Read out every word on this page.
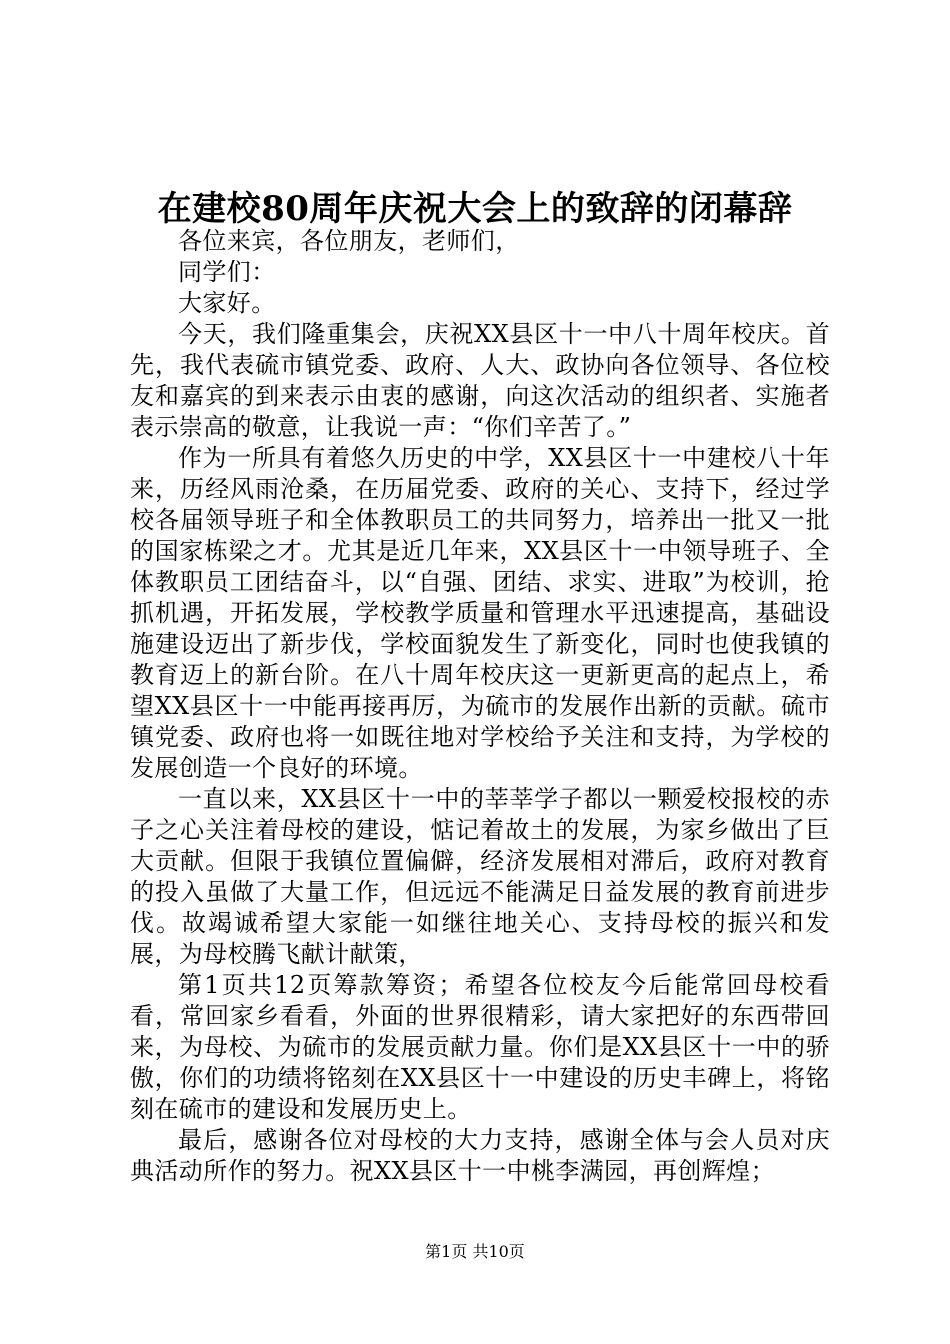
在建校80周年庆祝大会上的致辞的闭幕辞

各位来宾，各位朋友，老师们，

同学们：

大家好。

今天，我们隆重集会，庆祝XX县区十一中八十周年校庆。首先，我代表硫市镇党委、政府、人大、政协向各位领导、各位校友和嘉宾的到来表示由衷的感谢，向这次活动的组织者、实施者表示崇高的敬意，让我说一声：“你们辛苦了。”

作为一所具有着悠久历史的中学，XX县区十一中建校八十年来，历经风雨沧桑，在历届党委、政府的关心、支持下，经过学校各届领导班子和全体教职员工的共同努力，培养出一批又一批的国家栋梁之才。尤其是近几年来，XX县区十一中领导班子、全体教职员工团结奋斗，以“自强、团结、求实、进取”为校训，抢抓机遇，开拓发展，学校教学质量和管理水平迅速提高，基础设施建设迈出了新步伐，学校面貌发生了新变化，同时也使我镇的教育迈上的新台阶。在八十周年校庆这一更新更高的起点上，希望XX县区十一中能再接再厉，为硫市的发展作出新的贡献。硫市镇党委、政府也将一如既往地对学校给予关注和支持，为学校的发展创造一个良好的环境。

一直以来，XX县区十一中的莘莘学子都以一颗爱校报校的赤子之心关注着母校的建设，惦记着故土的发展，为家乡做出了巨大贡献。但限于我镇位置偏僻，经济发展相对滞后，政府对教育的投入虽做了大量工作，但远远不能满足日益发展的教育前进步伐。故竭诚希望大家能一如继往地关心、支持母校的振兴和发展，为母校腾飞献计献策，

第1页共12页筹款筹资；希望各位校友今后能常回母校看看，常回家乡看看，外面的世界很精彩，请大家把好的东西带回来，为母校、为硫市的发展贡献力量。你们是XX县区十一中的骄傲，你们的功绩将铭刻在XX县区十一中建设的历史丰碑上，将铭刻在硫市的建设和发展历史上。

最后，感谢各位对母校的大力支持，感谢全体与会人员对庆典活动所作的努力。祝XX县区十一中桃李满园，再创辉煌；

第1页 共10页
